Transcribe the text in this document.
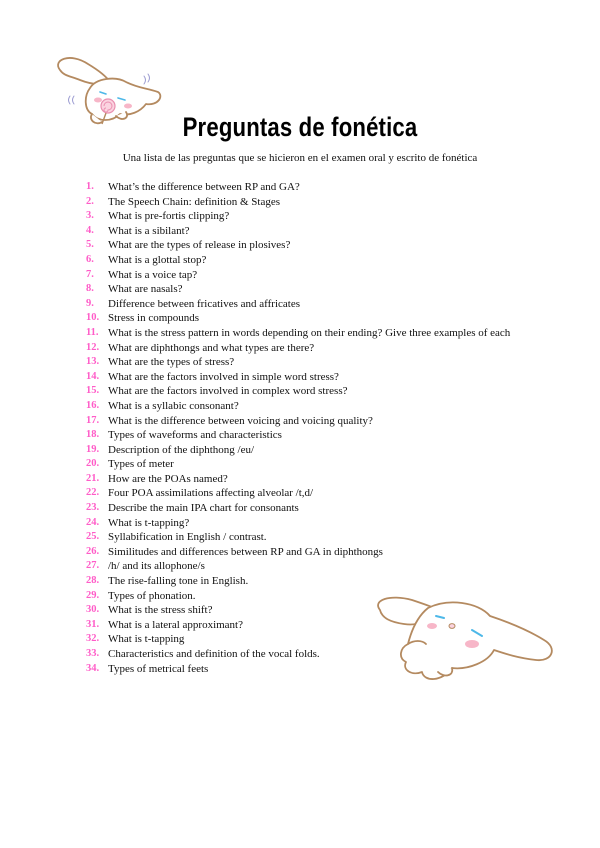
Preguntas de fonética
Una lista de las preguntas que se hicieron en el examen oral y escrito de fonética
1.	What’s the difference between RP and GA?
2.	The Speech Chain: definition & Stages
3.	What is pre-fortis clipping?
4.	What is a sibilant?
5.	What are the types of release in plosives?
6.	What is a glottal stop?
7.	What is a voice tap?
8.	What are nasals?
9.	Difference between fricatives and affricates
10. Stress in compounds
11. What is the stress pattern in words depending on their ending? Give three examples of each
12. What are diphthongs and what types are there?
13. What are the types of stress?
14. What are the factors involved in simple word stress?
15. What are the factors involved in complex word stress?
16. What is a syllabic consonant?
17. What is the difference between voicing and voicing quality?
18. Types of waveforms and characteristics
19. Description of the diphthong /eu/
20. Types of meter
21. How are the POAs named?
22. Four POA assimilations affecting alveolar /t,d/
23. Describe the main IPA chart for consonants
24. What is t-tapping?
25. Syllabification in English / contrast.
26. Similitudes and differences between RP and GA in diphthongs
27. /h/ and its allophone/s
28. The rise-falling tone in English.
29. Types of phonation.
30. What is the stress shift?
31. What is a lateral approximant?
32. What is t-tapping
33. Characteristics and definition of the vocal folds.
34. Types of metrical feets
